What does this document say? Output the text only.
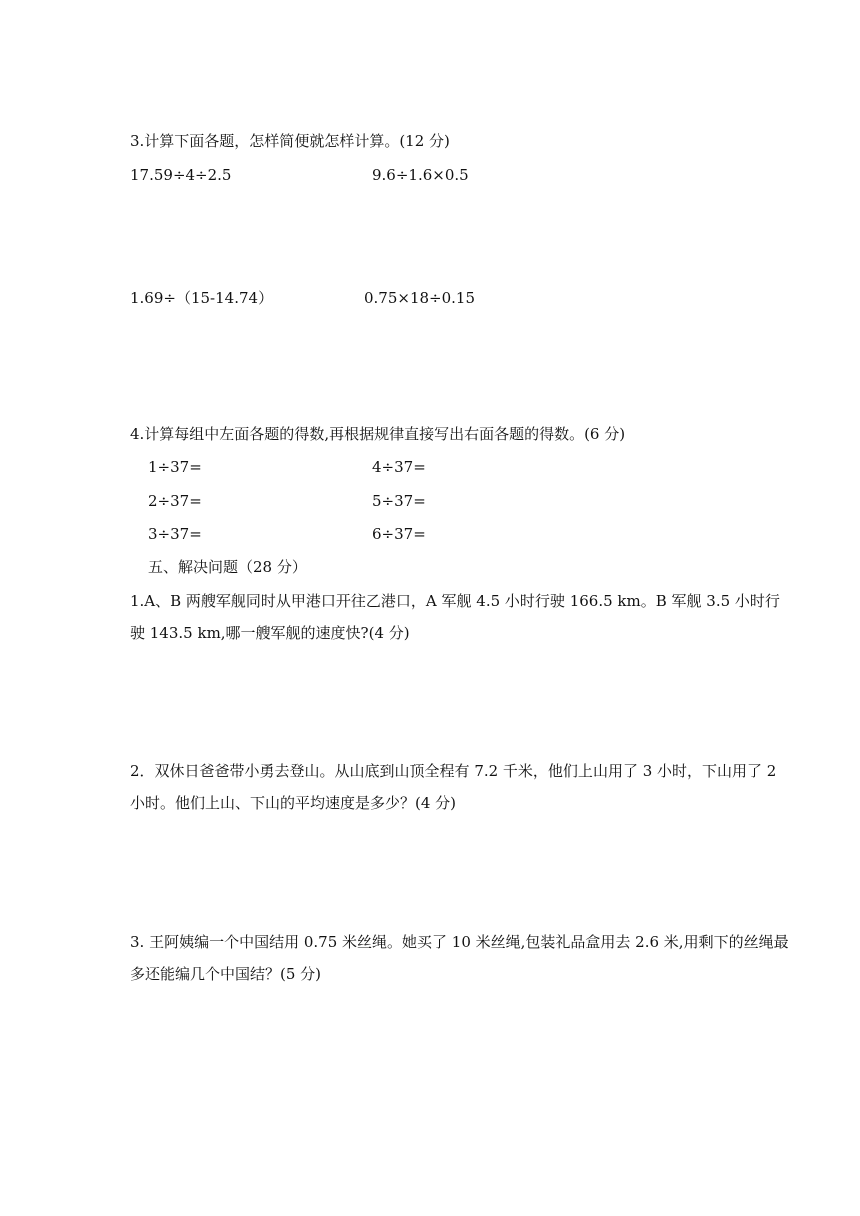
3.计算下面各题，怎样简便就怎样计算。(12 分)
17.59÷4÷2.5	9.6÷1.6×0.5
1.69÷（15-14.74）	0.75×18÷0.15
4.计算每组中左面各题的得数,再根据规律直接写出右面各题的得数。(6 分)
1÷37=	4÷37=
2÷37=	5÷37=
3÷37=	6÷37=
五、解决问题（28 分）
1.A、B 两艘军舰同时从甲港口开往乙港口，A 军舰 4.5 小时行驶 166.5 km。B 军舰 3.5 小时行驶 143.5 km,哪一艘军舰的速度快?(4 分)
2．双休日爸爸带小勇去登山。从山底到山顶全程有 7.2 千米，他们上山用了 3 小时，下山用了 2 小时。他们上山、下山的平均速度是多少？(4 分)
3. 王阿姨编一个中国结用 0.75 米丝绳。她买了 10 米丝绳,包装礼品盒用去 2.6 米,用剩下的丝绳最多还能编几个中国结？(5 分)
